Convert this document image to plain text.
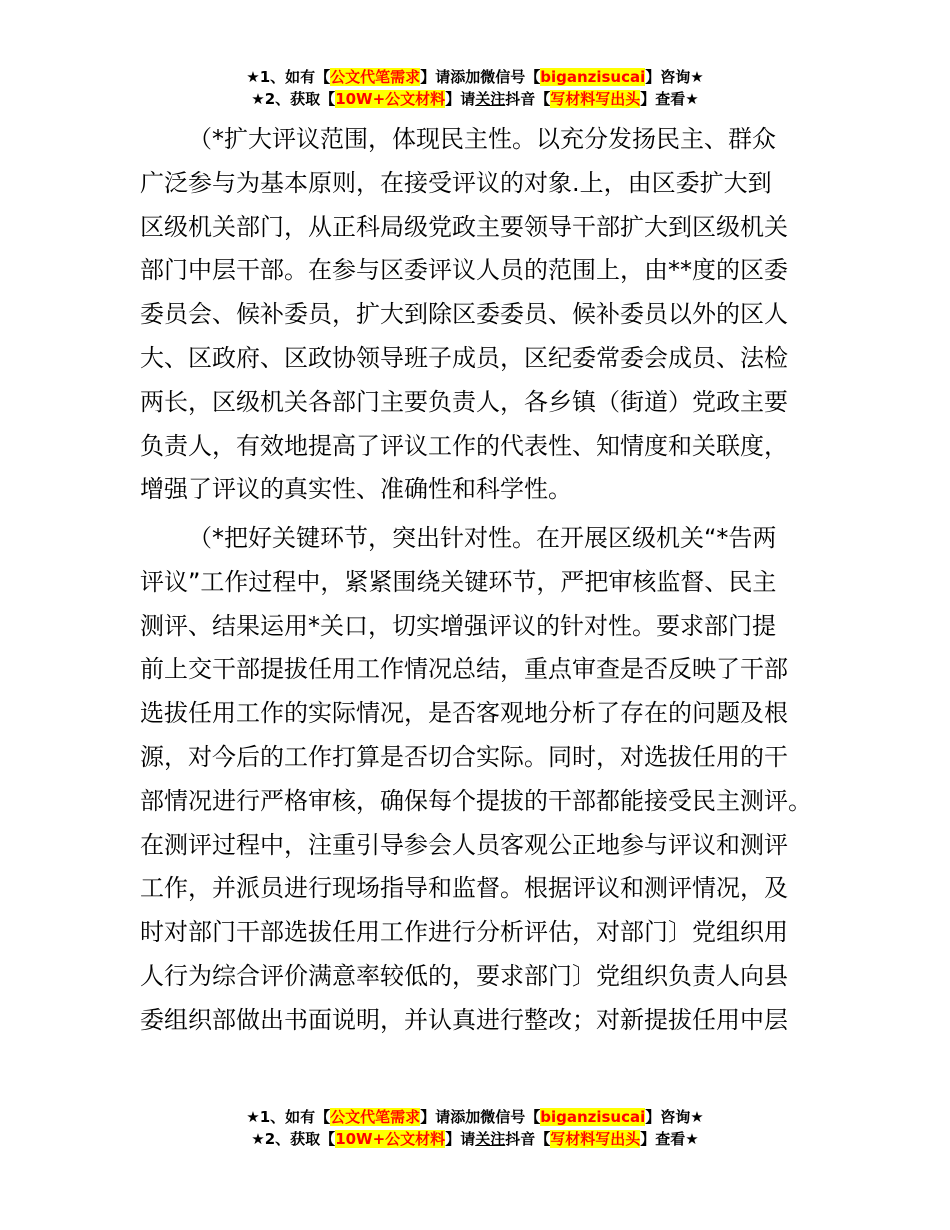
★1、如有【公文代笔需求】请添加微信号【biganzisucai】咨询★
★2、获取【10W+公文材料】请关注抖音【写材料写出头】查看★
（*扩大评议范围，体现民主性。以充分发扬民主、群众
广泛参与为基本原则，在接受评议的对象.上，由区委扩大到
区级机关部门，从正科局级党政主要领导干部扩大到区级机关
部门中层干部。在参与区委评议人员的范围上，由**度的区委
委员会、候补委员，扩大到除区委委员、候补委员以外的区人
大、区政府、区政协领导班子成员，区纪委常委会成员、法检
两长，区级机关各部门主要负责人，各乡镇（街道）党政主要
负责人，有效地提高了评议工作的代表性、知情度和关联度，
增强了评议的真实性、准确性和科学性。
（*把好关键环节，突出针对性。在开展区级机关“*告两
评议”工作过程中，紧紧围绕关键环节，严把审核监督、民主
测评、结果运用*关口，切实增强评议的针对性。要求部门提
前上交干部提拔任用工作情况总结，重点审查是否反映了干部
选拔任用工作的实际情况，是否客观地分析了存在的问题及根
源，对今后的工作打算是否切合实际。同时，对选拔任用的干
部情况进行严格审核，确保每个提拔的干部都能接受民主测评。
在测评过程中，注重引导参会人员客观公正地参与评议和测评
工作，并派员进行现场指导和监督。根据评议和测评情况，及
时对部门干部选拔任用工作进行分析评估，对部门〕党组织用
人行为综合评价满意率较低的，要求部门〕党组织负责人向县
委组织部做出书面说明，并认真进行整改；对新提拔任用中层
★1、如有【公文代笔需求】请添加微信号【biganzisucai】咨询★
★2、获取【10W+公文材料】请关注抖音【写材料写出头】查看★
